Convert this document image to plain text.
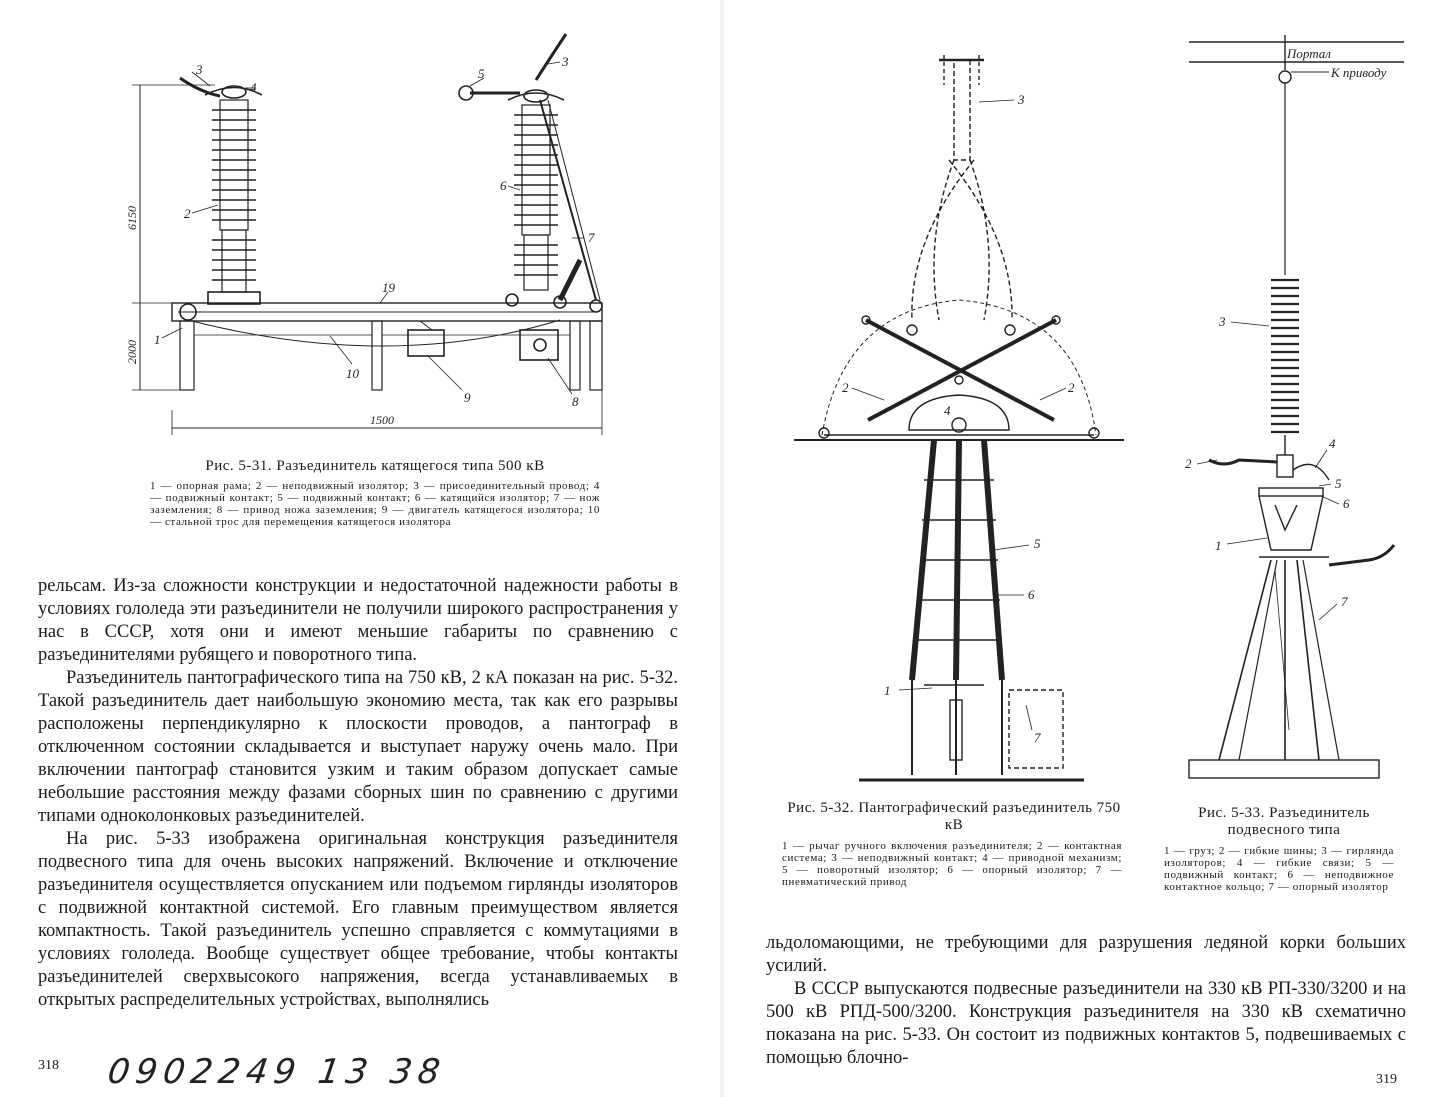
3
4
2
1
5
3
6
7
19
10
9	8
6150
2000
1500
Рис. 5-31. Разъединитель катящегося типа 500 кВ
1 — опорная рама; 2 — неподвижный изолятор; 3 — присоединительный провод; 4 — подвижный контакт; 5 — подвижный контакт; 6 — катящийся изолятор; 7 — нож заземления; 8 — привод ножа заземления; 9 — двигатель катящегося изолятора; 10 — стальной трос для перемещения катящегося изолятора

рельсам. Из-за сложности конструкции и недостаточной надежности работы в условиях гололеда эти разъединители не получили широкого распространения у нас в СССР, хотя они и имеют меньшие габариты по сравнению с разъединителями рубящего и поворотного типа.

Разъединитель пантографического типа на 750 кВ, 2 кА показан на рис. 5-32. Такой разъединитель дает наибольшую экономию места, так как его разрывы расположены перпендикулярно к плоскости проводов, а пантограф в отключенном состоянии складывается и выступает наружу очень мало. При включении пантограф становится узким и таким образом допускает самые небольшие расстояния между фазами сборных шин по сравнению с другими типами одноколонковых разъединителей.

На рис. 5-33 изображена оригинальная конструкция разъединителя подвесного типа для очень высоких напряжений. Включение и отключение разъединителя осуществляется опусканием или подъемом гирлянды изоляторов с подвижной контактной системой. Его главным преимуществом является компактность. Такой разъединитель успешно справляется с коммутациями в условиях гололеда. Вообще существует общее требование, чтобы контакты разъединителей сверхвысокого напряжения, всегда устанавливаемых в открытых распределительных устройствах, выполнялись

318 0902249 13 38
3
2	2
4
5
6
1
7
Рис. 5-32. Пантографический разъединитель 750 кВ
1 — рычаг ручного включения разъединителя; 2 — контактная система; 3 — неподвижный контакт; 4 — приводной механизм; 5 — поворотный изолятор; 6 — опорный изолятор; 7 — пневматический привод
Портал
К приводу
3
2
4
5
6
1
7
Рис. 5-33. Разъединитель подвесного типа
1 — груз; 2 — гибкие шины; 3 — гирлянда изоляторов; 4 — гибкие связи; 5 — подвижный контакт; 6 — неподвижное контактное кольцо; 7 — опорный изолятор

льдоломающими, не требующими для разрушения ледяной корки больших усилий.

В СССР выпускаются подвесные разъединители на 330 кВ РП-330/3200 и на 500 кВ РПД-500/3200. Конструкция разъединителя на 330 кВ схематично показана на рис. 5-33. Он состоит из подвижных контактов 5, подвешиваемых с помощью блочно-

319
